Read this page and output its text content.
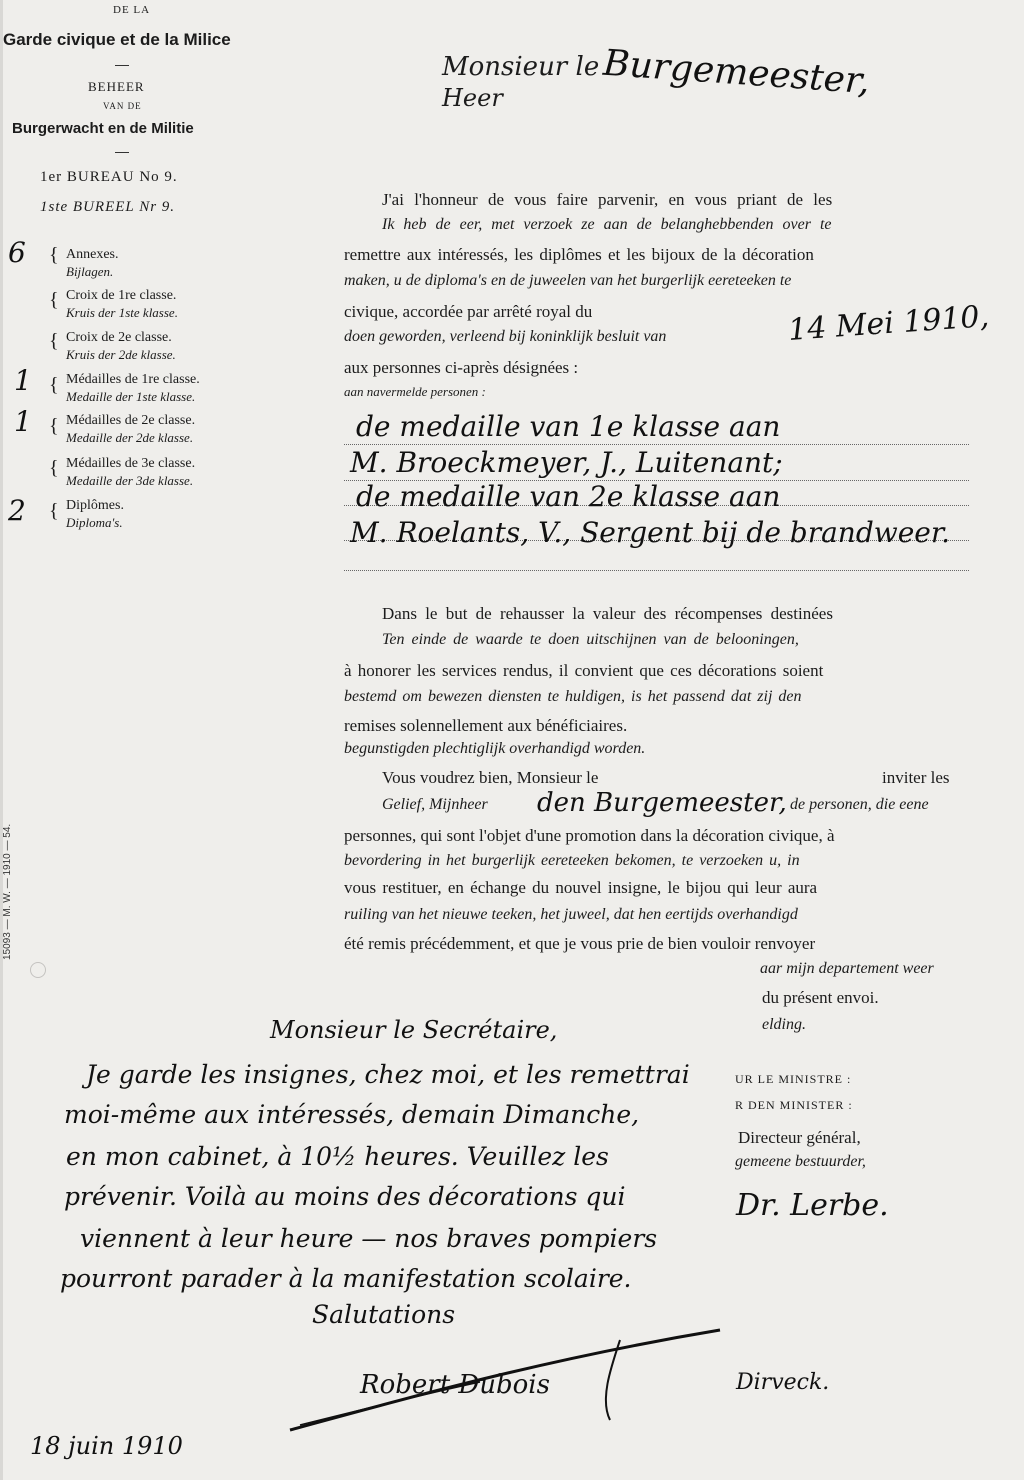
15093 — M. W. — 1910 — 54.
DE LA
Garde civique et de la Milice
BEHEER
VAN DE
Burgerwacht en de Militie
1er BUREAU No 9.
1ste BUREEL Nr 9.
6 { Annexes.
Bijlagen.
{ Croix de 1re classe.
Kruis der 1ste klasse.
{ Croix de 2e classe.
Kruis der 2de klasse.
1 { Médailles de 1re classe.
Medaille der 1ste klasse.
1 { Médailles de 2e classe.
Medaille der 2de klasse.
{ Médailles de 3e classe.
Medaille der 3de klasse.
2 { Diplômes.
Diploma's.
Monsieur le
Heer	Burgemeester,
J'ai l'honneur de vous faire parvenir, en vous priant de les
Ik heb de eer, met verzoek ze aan de belanghebbenden over te
remettre aux intéressés, les diplômes et les bijoux de la décoration
maken, u de diploma's en de juweelen van het burgerlijk eereteeken te
civique, accordée par arrêté royal du
doen geworden, verleend bij koninklijk besluit van	14 Mei 1910,
aux personnes ci-après désignées :
aan navermelde personen :
de medaille van 1e klasse aan
M. Broeckmeyer, J., Luitenant;
de medaille van 2e klasse aan
M. Roelants, V., Sergent bij de brandweer.
Dans le but de rehausser la valeur des récompenses destinées
Ten einde de waarde te doen uitschijnen van de belooningen,
à honorer les services rendus, il convient que ces décorations soient
bestemd om bewezen diensten te huldigen, is het passend dat zij den
remises solennellement aux bénéficiaires.
begunstigden plechtiglijk overhandigd worden.
Vous voudrez bien, Monsieur le	inviter les
Gelief, Mijnheer den Burgemeester, de personen, die eene
personnes, qui sont l'objet d'une promotion dans la décoration civique, à
bevordering in het burgerlijk eereteeken bekomen, te verzoeken u, in
vous restituer, en échange du nouvel insigne, le bijou qui leur aura
ruiling van het nieuwe teeken, het juweel, dat hen eertijds overhandigd
été remis précédemment, et que je vous prie de bien vouloir renvoyer
aar mijn departement weer
du présent envoi.
elding.
UR LE MINISTRE :
R DEN MINISTER :
Directeur général,
gemeene bestuurder,
Dr. Lerbe.
Monsieur le Secrétaire,
Je garde les insignes, chez moi, et les remettrai
moi-même aux intéressés, demain Dimanche,
en mon cabinet, à 10½ heures. Veuillez les
prévenir. Voilà au moins des décorations qui
viennent à leur heure — nos braves pompiers
pourront parader à la manifestation scolaire.
Salutations
Robert Dubois	Dirveck.
18 juin 1910
